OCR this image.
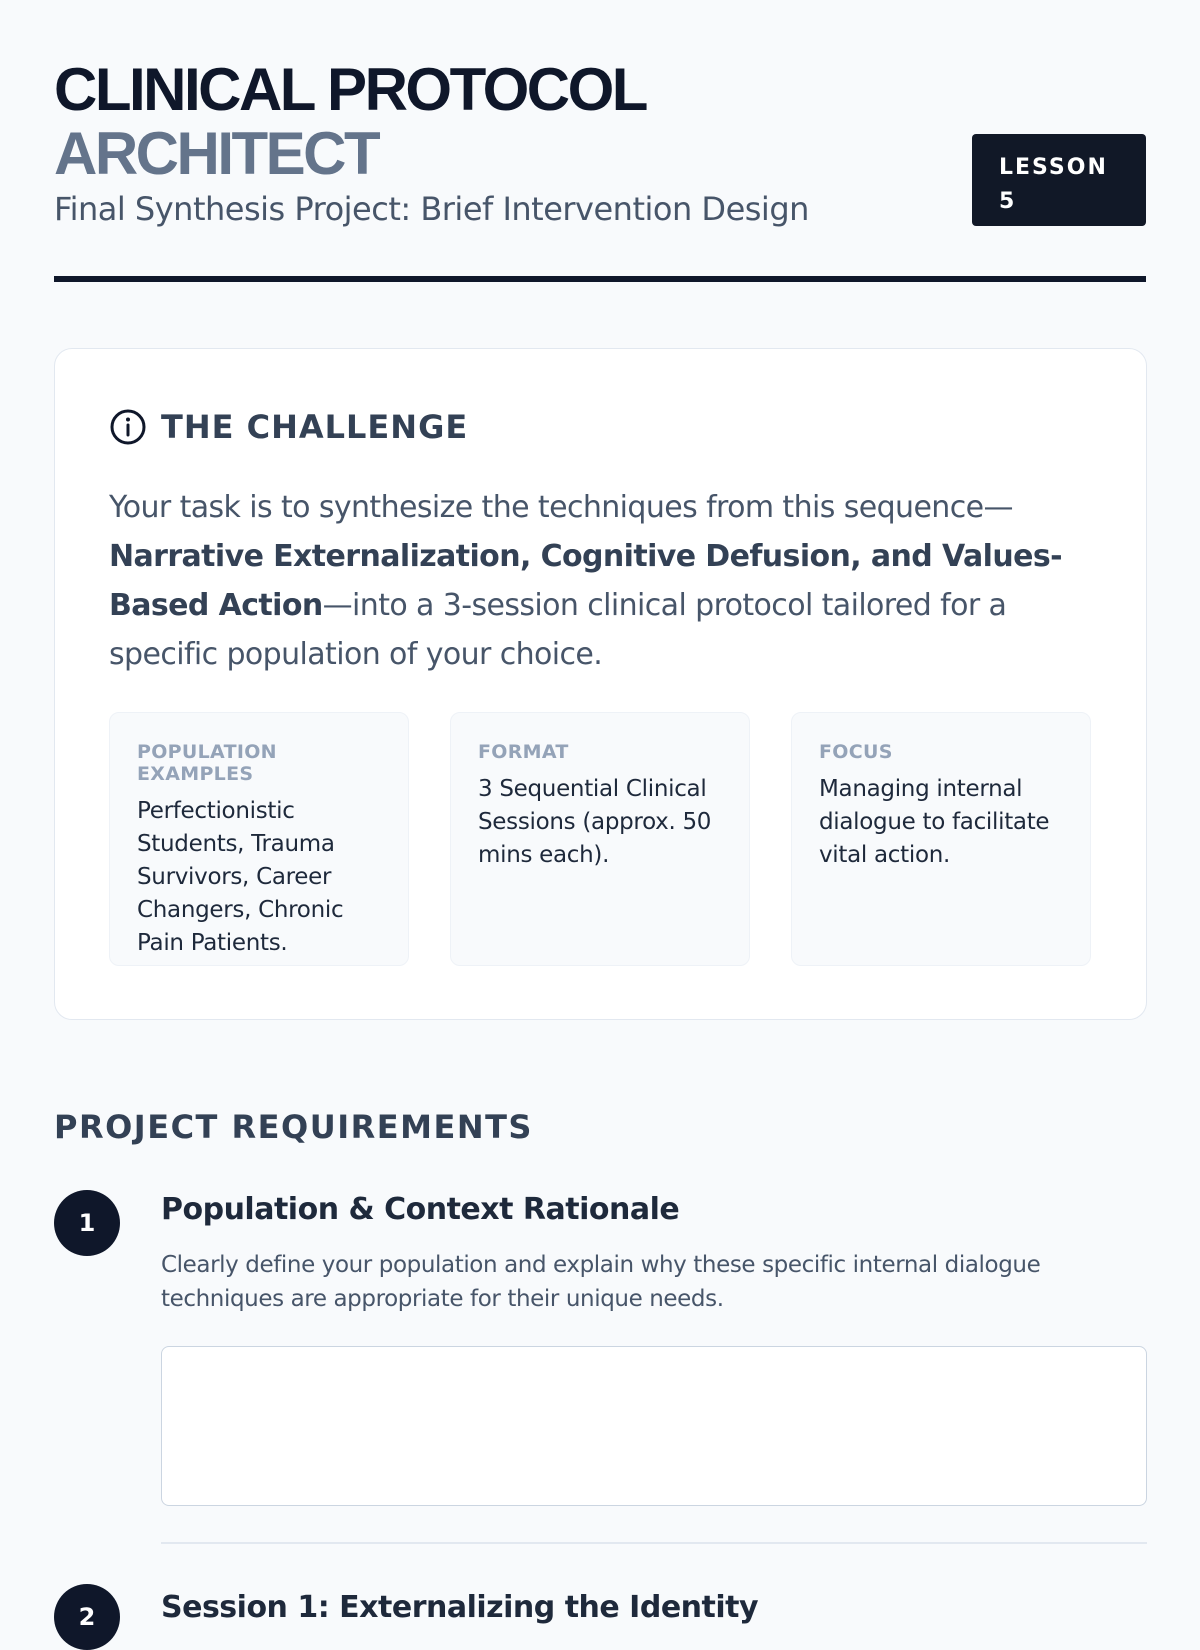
CLINICAL PROTOCOL
ARCHITECT
Final Synthesis Project: Brief Intervention Design
LESSON 5
THE CHALLENGE

Your task is to synthesize the techniques from this sequence—Narrative Externalization, Cognitive Defusion, and Values-Based Action—into a 3-session clinical protocol tailored for a specific population of your choice.

POPULATION EXAMPLES
Perfectionistic Students, Trauma Survivors, Career Changers, Chronic Pain Patients.
FORMAT
3 Sequential Clinical Sessions (approx. 50 mins each).
FOCUS
Managing internal dialogue to facilitate vital action.
PROJECT REQUIREMENTS
1	Population & Context Rationale
Clearly define your population and explain why these specific internal dialogue techniques are appropriate for their unique needs.
2	Session 1: Externalizing the Identity
